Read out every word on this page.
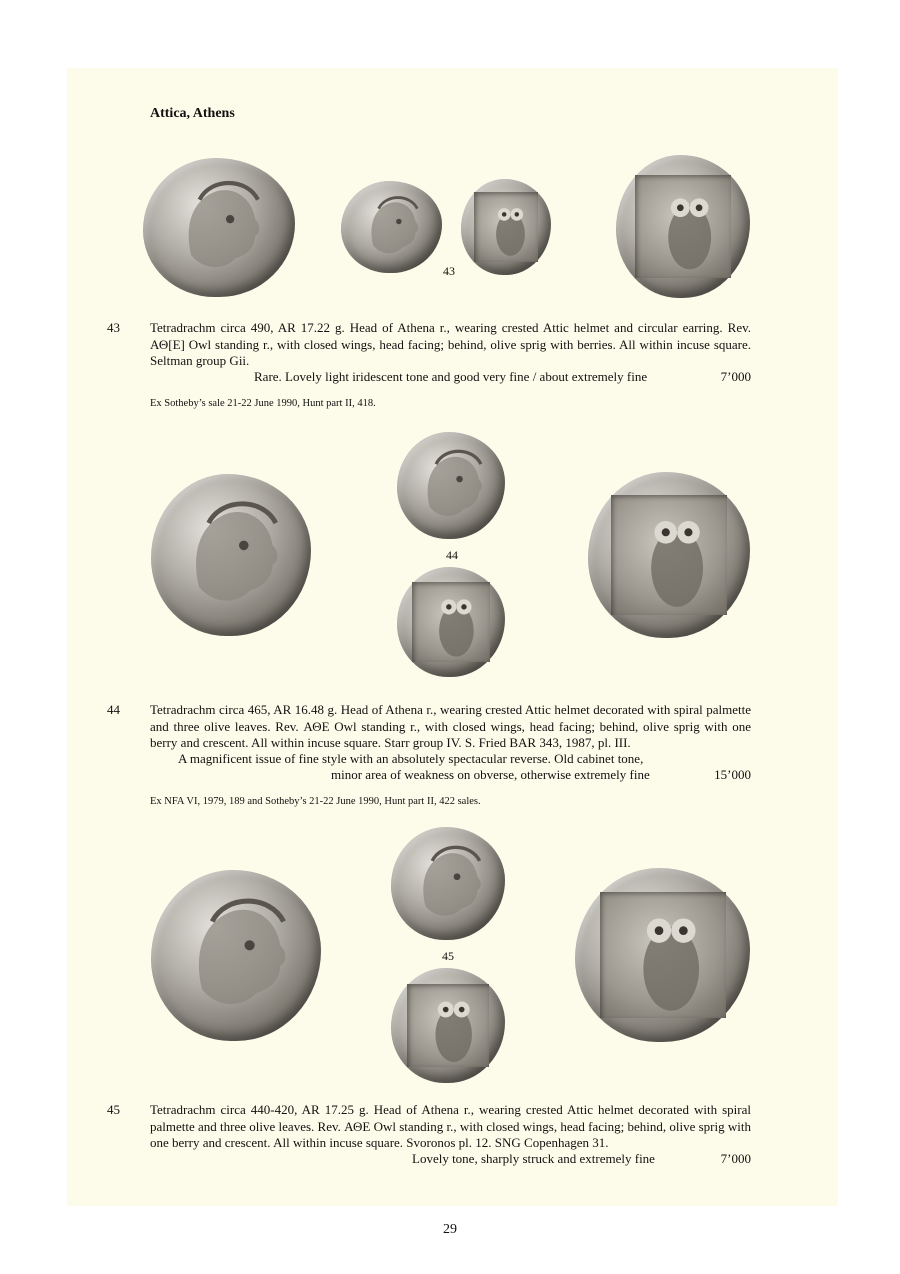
Attica, Athens
43
43 Tetradrachm circa 490, AR 17.22 g. Head of Athena r., wearing crested Attic helmet and circular earring. Rev. ΑΘ[Ε] Owl standing r., with closed wings, head facing; behind, olive sprig with berries. All within incuse square. Seltman group Gii.

Rare. Lovely light iridescent tone and good very fine / about extremely fine	7’000
Ex Sotheby’s sale 21-22 June 1990, Hunt part II, 418.
44
44 Tetradrachm circa 465, AR 16.48 g. Head of Athena r., wearing crested Attic helmet decorated with spiral palmette and three olive leaves. Rev. ΑΘΕ Owl standing r., with closed wings, head facing; behind, olive sprig with one berry and crescent. All within incuse square. Starr group IV. S. Fried BAR 343, 1987, pl. III.

A magnificent issue of fine style with an absolutely spectacular reverse. Old cabinet tone,
minor area of weakness on obverse, otherwise extremely fine	15’000
Ex NFA VI, 1979, 189 and Sotheby’s 21-22 June 1990, Hunt part II, 422 sales.
45
45 Tetradrachm circa 440-420, AR 17.25 g. Head of Athena r., wearing crested Attic helmet decorated with spiral palmette and three olive leaves. Rev. ΑΘΕ Owl standing r., with closed wings, head facing; behind, olive sprig with one berry and crescent. All within incuse square. Svoronos pl. 12. SNG Copenhagen 31.

Lovely tone, sharply struck and extremely fine	7’000
29
